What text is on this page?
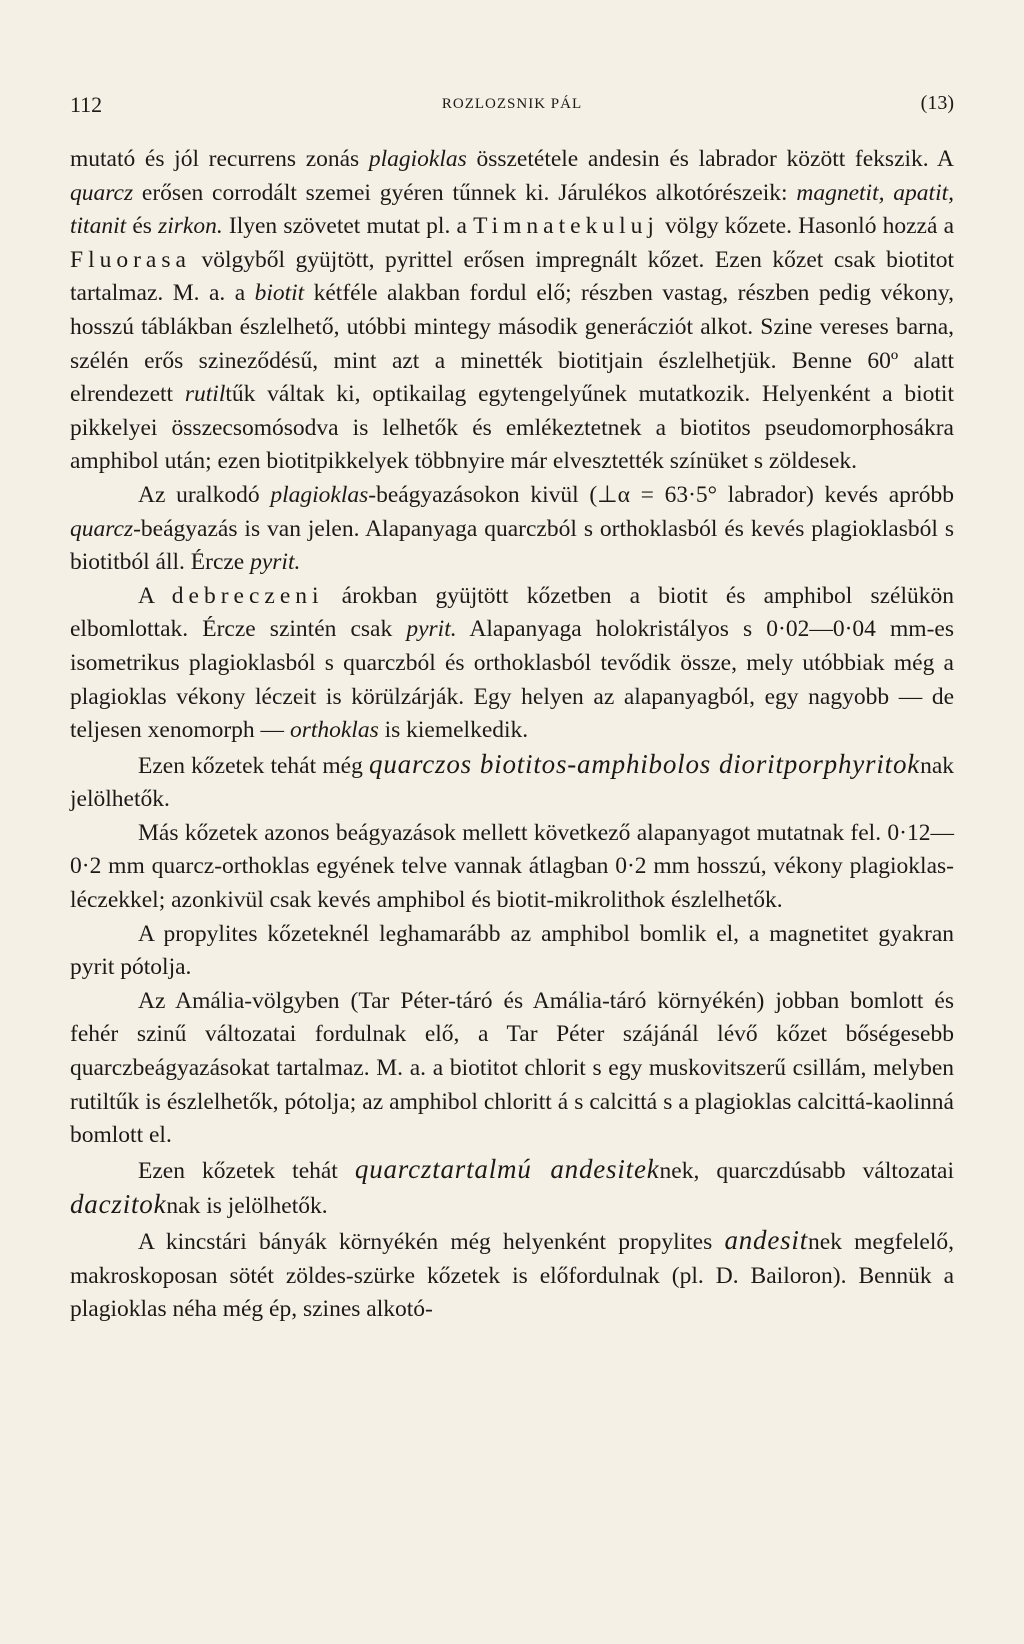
112	ROZLOZSNIK PÁL	(13)

mutató és jól recurrens zonás plagioklas összetétele andesin és labrador között fekszik. A quarcz erősen corrodált szemei gyéren tűnnek ki. Járulékos alkotórészeik: magnetit, apatit, titanit és zirkon. Ilyen szövetet mutat pl. a Timnatekuluj völgy kőzete. Hasonló hozzá a Fluorasa völgyből gyüjtött, pyrittel erősen impregnált kőzet. Ezen kőzet csak biotitot tartalmaz. M. a. a biotit kétféle alakban fordul elő; részben vastag, részben pedig vékony, hosszú táblákban észlelhető, utóbbi mintegy második generácziót alkot. Szine vereses barna, szélén erős szineződésű, mint azt a minették biotitjain észlelhetjük. Benne 60º alatt elrendezett rutiltűk váltak ki, optikailag egytengelyűnek mutatkozik. Helyenként a biotit pikkelyei összecsomósodva is lelhetők és emlékeztetnek a biotitos pseudomorphosákra amphibol után; ezen biotitpikkelyek többnyire már elvesztették színüket s zöldesek.

Az uralkodó plagioklas-beágyazásokon kivül (⊥α = 63·5° labrador) kevés apróbb quarcz-beágyazás is van jelen. Alapanyaga quarczból s orthoklasból és kevés plagioklasból s biotitból áll. Ércze pyrit.

A debreczeni árokban gyüjtött kőzetben a biotit és amphibol szélükön elbomlottak. Ércze szintén csak pyrit. Alapanyaga holokristályos s 0·02—0·04 mm-es isometrikus plagioklasból s quarczból és orthoklasból tevődik össze, mely utóbbiak még a plagioklas vékony léczeit is körülzárják. Egy helyen az alapanyagból, egy nagyobb — de teljesen xenomorph — orthoklas is kiemelkedik.

Ezen kőzetek tehát még quarczos biotitos-amphibolos dioritporphyritoknak jelölhetők.

Más kőzetek azonos beágyazások mellett következő alapanyagot mutatnak fel. 0·12—0·2 mm quarcz-orthoklas egyének telve vannak átlagban 0·2 mm hosszú, vékony plagioklas-léczekkel; azonkivül csak kevés amphibol és biotit-mikrolithok észlelhetők.

A propylites kőzeteknél leghamarább az amphibol bomlik el, a magnetitet gyakran pyrit pótolja.

Az Amália-völgyben (Tar Péter-táró és Amália-táró környékén) jobban bomlott és fehér szinű változatai fordulnak elő, a Tar Péter szájánál lévő kőzet bőségesebb quarczbeágyazásokat tartalmaz. M. a. a biotitot chlorit s egy muskovitszerű csillám, melyben rutiltűk is észlelhetők, pótolja; az amphibol chloritt á s calcittá s a plagioklas calcittá-kaolinná bomlott el.

Ezen kőzetek tehát quarcztartalmú andesiteknek, quarczdúsabb változatai daczitoknak is jelölhetők.

A kincstári bányák környékén még helyenként propylites andesitnek megfelelő, makroskoposan sötét zöldes-szürke kőzetek is előfordulnak (pl. D. Bailoron). Bennük a plagioklas néha még ép, szines alkotó-
